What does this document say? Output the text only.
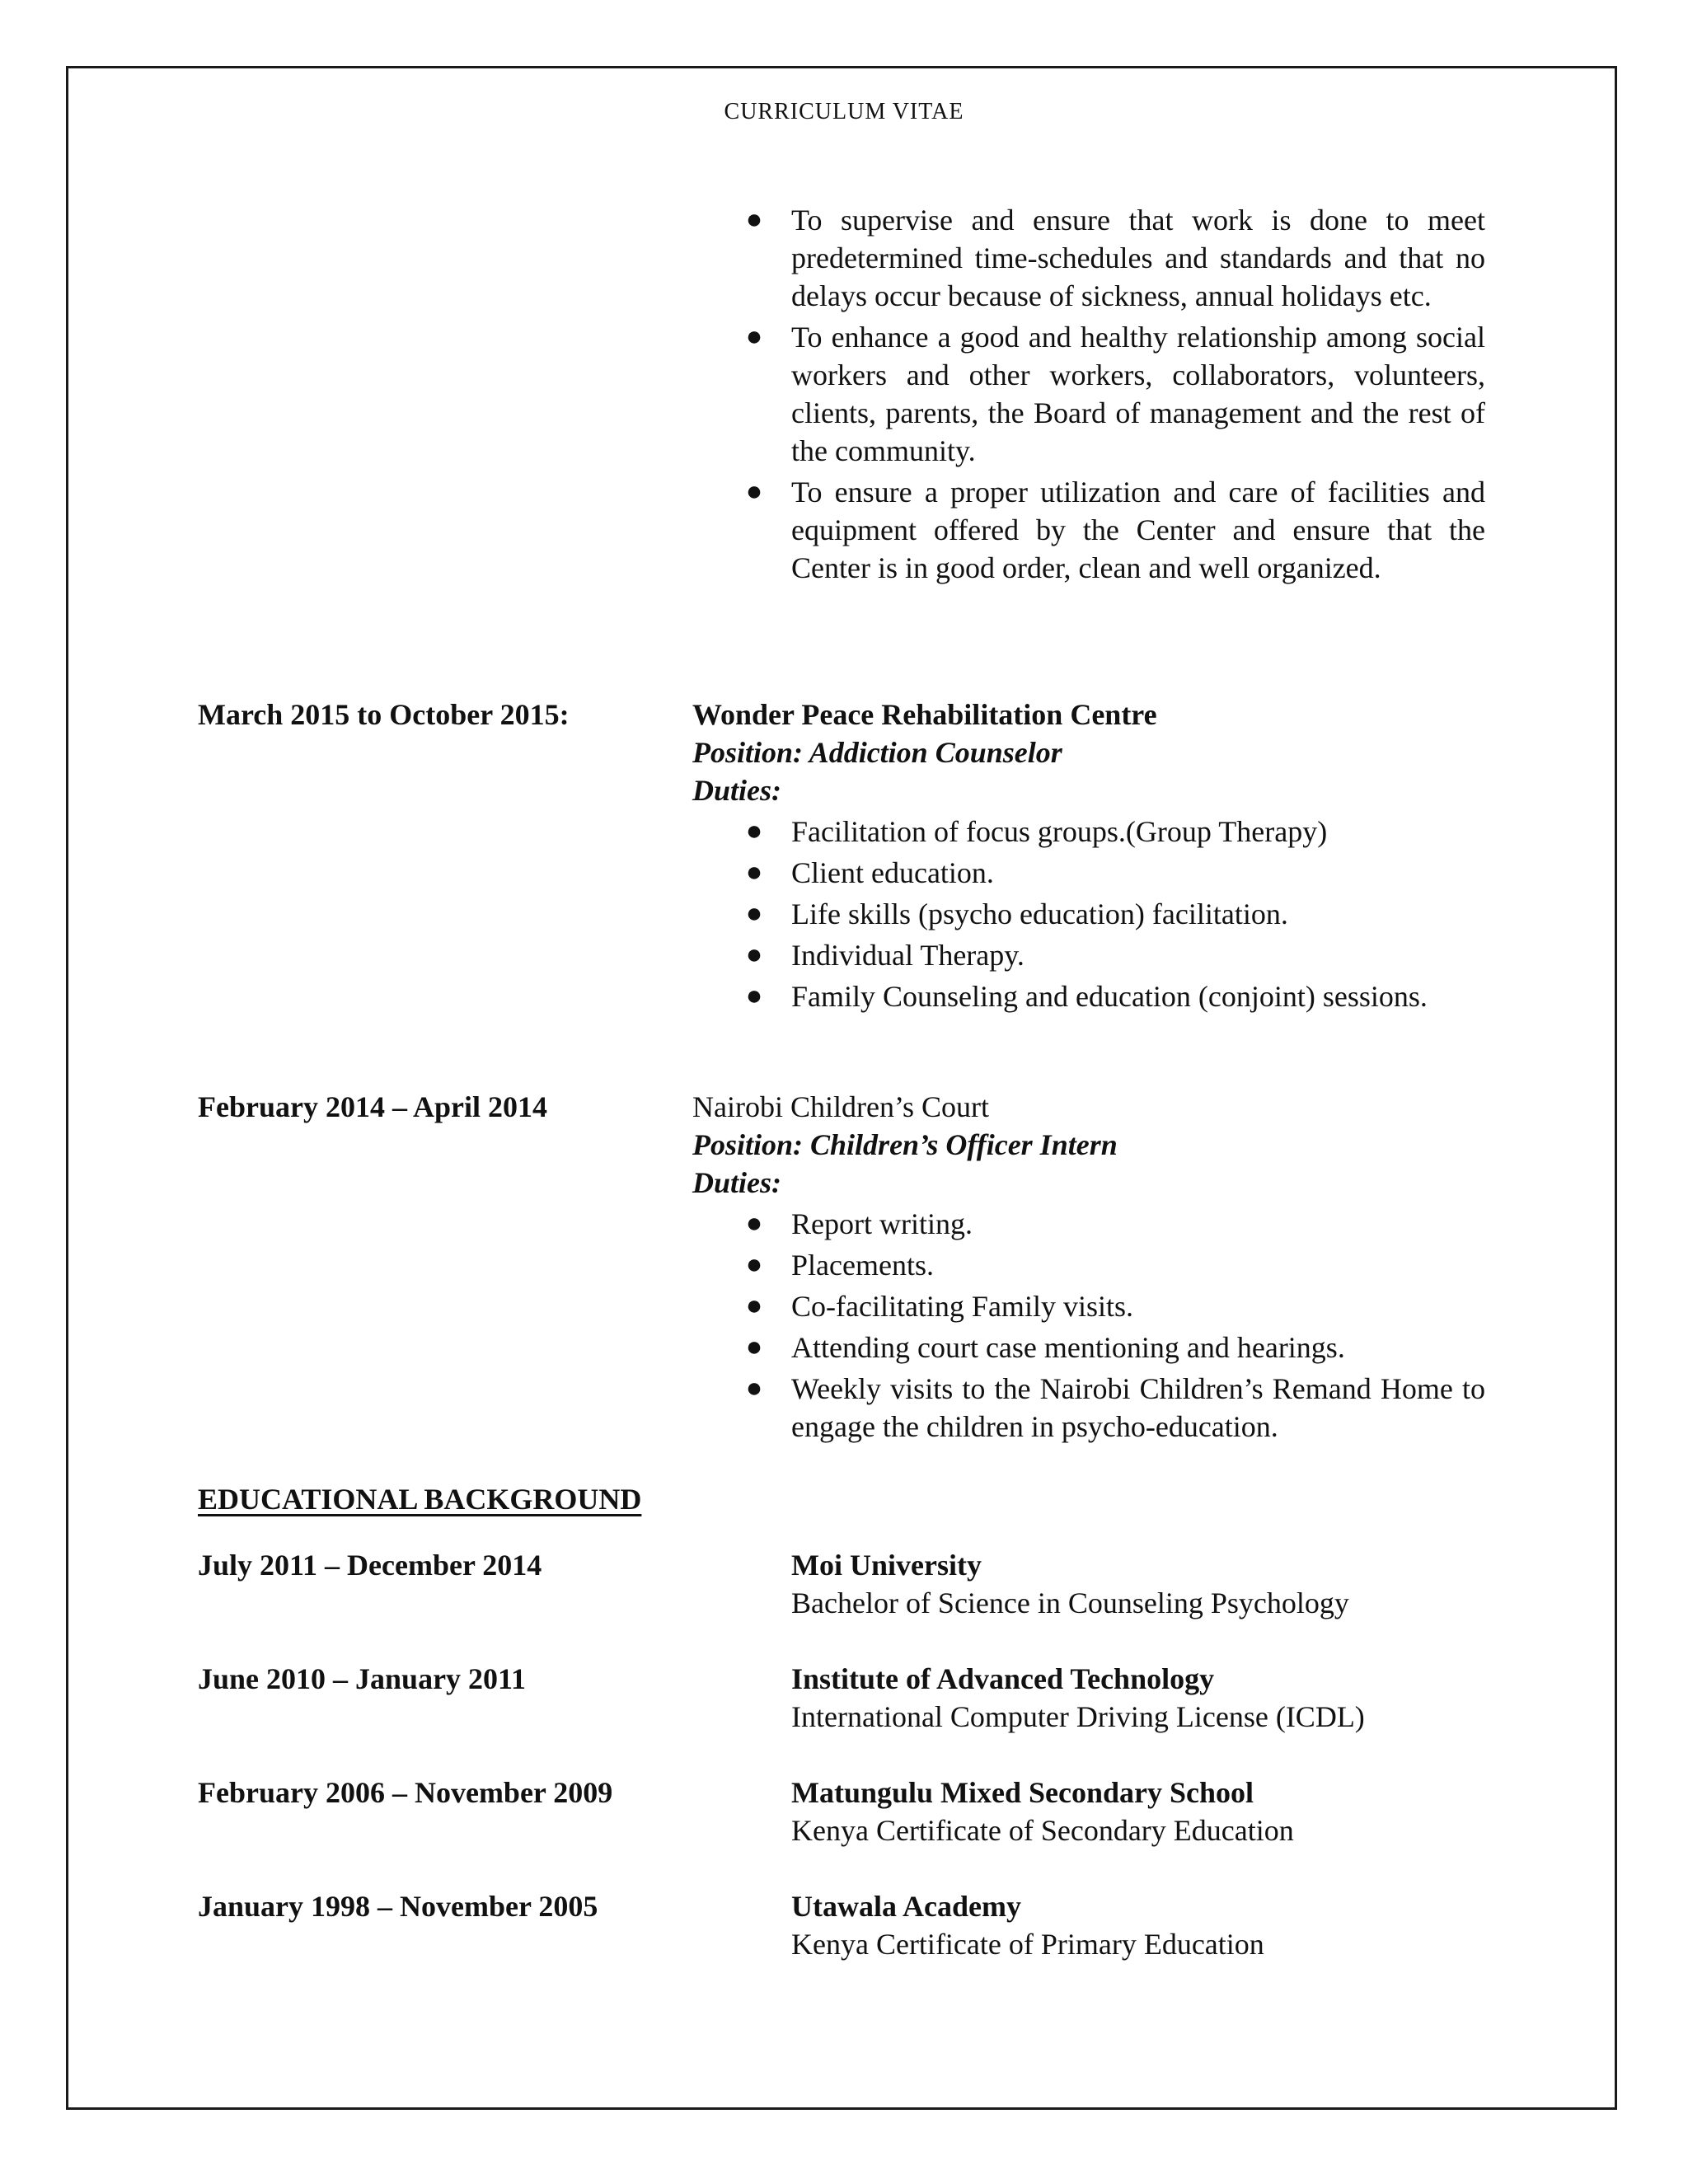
CURRICULUM VITAE
● To supervise and ensure that work is done to meet predetermined time-schedules and standards and that no delays occur because of sickness, annual holidays etc.
● To enhance a good and healthy relationship among social workers and other workers, collaborators, volunteers, clients, parents, the Board of management and the rest of the community.
● To ensure a proper utilization and care of facilities and equipment offered by the Center and ensure that the Center is in good order, clean and well organized.
March 2015 to October 2015:	Wonder Peace Rehabilitation Centre
Position: Addiction Counselor
Duties:
● Facilitation of focus groups.(Group Therapy)
● Client education.
● Life skills (psycho education) facilitation.
● Individual Therapy.
● Family Counseling and education (conjoint) sessions.
February 2014 – April 2014	Nairobi Children’s Court
Position: Children’s Officer Intern
Duties:
● Report writing.
● Placements.
● Co-facilitating Family visits.
● Attending court case mentioning and hearings.
● Weekly visits to the Nairobi Children’s Remand Home to engage the children in psycho-education.
EDUCATIONAL BACKGROUND
July 2011 – December 2014	Moi University
Bachelor of Science in Counseling Psychology
June 2010 – January 2011	Institute of Advanced Technology
International Computer Driving License (ICDL)
February 2006 – November 2009	Matungulu Mixed Secondary School
Kenya Certificate of Secondary Education
January 1998 – November 2005	Utawala Academy
Kenya Certificate of Primary Education
